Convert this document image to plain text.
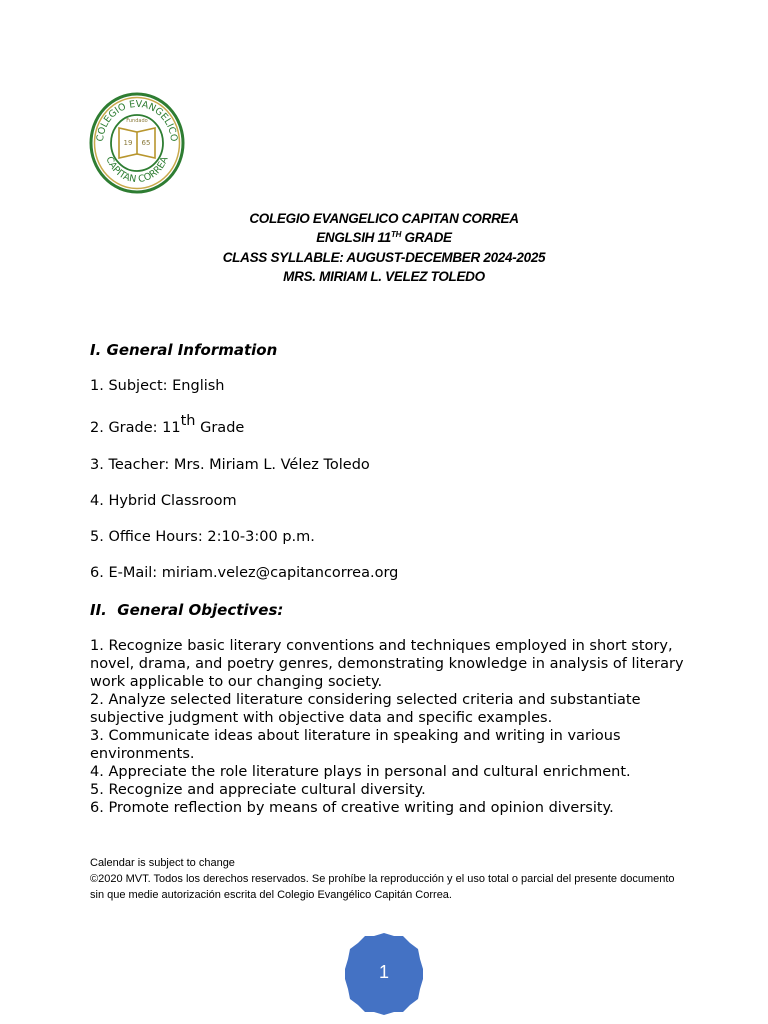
COLEGIO EVANGELICO
CAPITAN CORREA
Fundado
19 65
COLEGIO EVANGELICO CAPITAN CORREA
ENGLSIH 11TH GRADE
CLASS SYLLABLE: AUGUST-DECEMBER 2024-2025
MRS. MIRIAM L. VELEZ TOLEDO
I. General Information
1. Subject: English
2. Grade: 11th Grade
3. Teacher: Mrs. Miriam L. Vélez Toledo
4. Hybrid Classroom
5. Office Hours: 2:10-3:00 p.m.
6. E-Mail: miriam.velez@capitancorrea.org
II.  General Objectives:
1. Recognize basic literary conventions and techniques employed in short story, novel, drama, and poetry genres, demonstrating knowledge in analysis of literary work applicable to our changing society.
2. Analyze selected literature considering selected criteria and substantiate subjective judgment with objective data and specific examples.
3. Communicate ideas about literature in speaking and writing in various environments.
4. Appreciate the role literature plays in personal and cultural enrichment.
5. Recognize and appreciate cultural diversity.
6. Promote reflection by means of creative writing and opinion diversity.
Calendar is subject to change
©2020 MVT. Todos los derechos reservados. Se prohíbe la reproducción y el uso total o parcial del presente documento sin que medie autorización escrita del Colegio Evangélico Capitán Correa.
1
